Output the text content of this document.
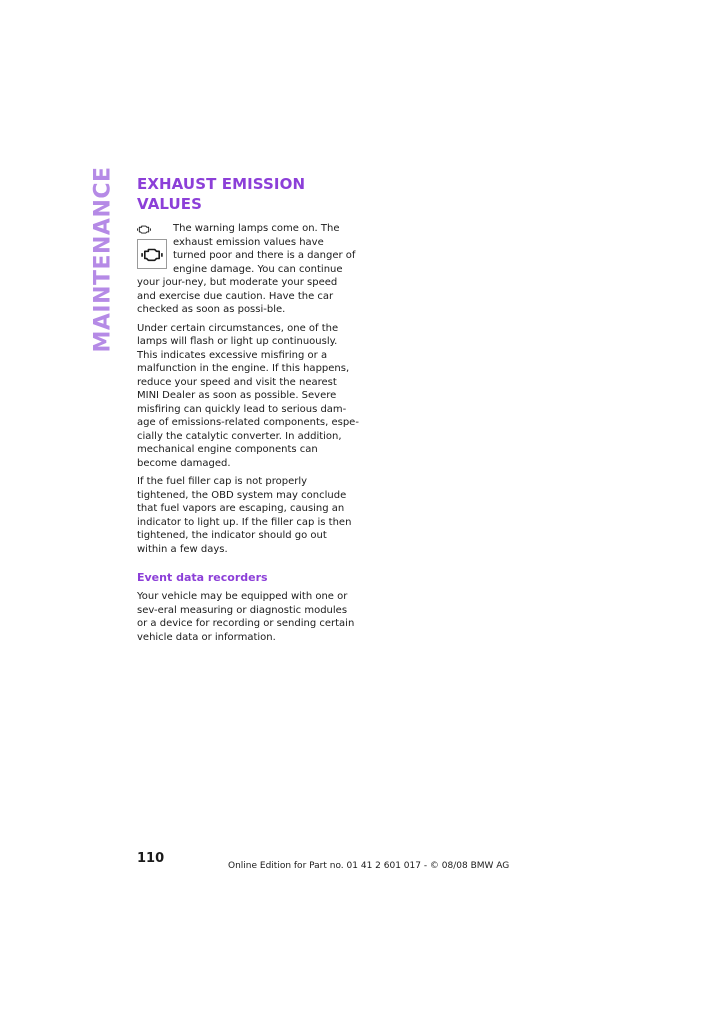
MAINTENANCE EXHAUST EMISSION VALUES

The warning lamps come on. The exhaust emission values have turned poor and there is a danger of engine damage. You can continue your jour-ney, but moderate your speed and exercise due caution. Have the car checked as soon as possi-ble.

Under certain circumstances, one of the lamps will flash or light up continuously. This indicates excessive misfiring or a malfunction in the engine. If this happens, reduce your speed and visit the nearest MINI Dealer as soon as possible. Severe misfiring can quickly lead to serious dam-age of emissions-related components, espe-cially the catalytic converter. In addition, mechanical engine components can become damaged.

If the fuel filler cap is not properly tightened, the OBD system may conclude that fuel vapors are escaping, causing an indicator to light up. If the filler cap is then tightened, the indicator should go out within a few days.

Event data recorders

Your vehicle may be equipped with one or sev-eral measuring or diagnostic modules or a device for recording or sending certain vehicle data or information.

110	Online Edition for Part no. 01 41 2 601 017 - © 08/08 BMW AG
